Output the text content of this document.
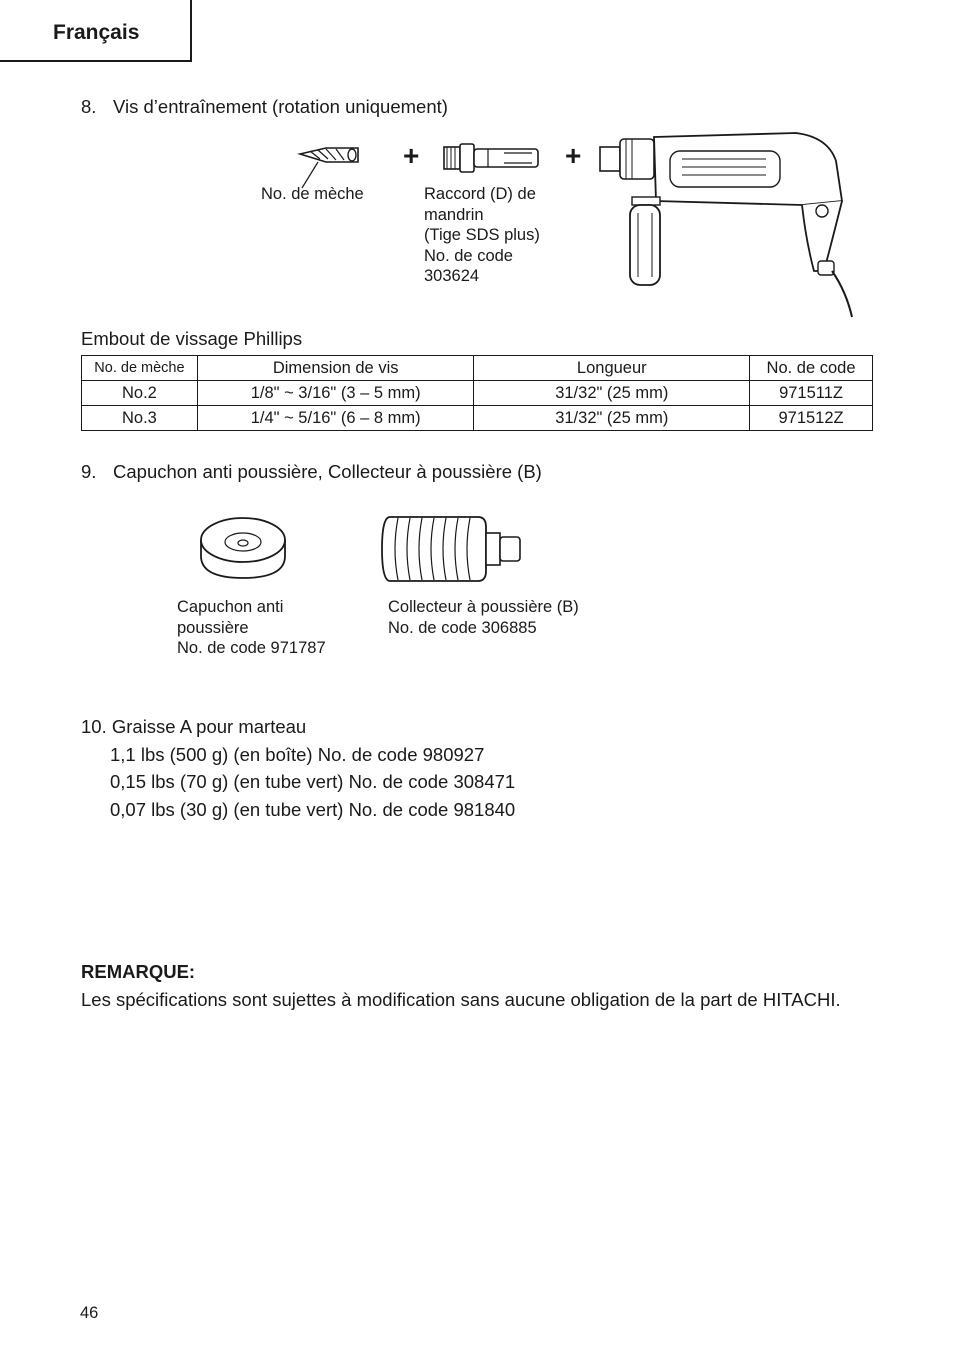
Français
8. Vis d’entraînement (rotation uniquement)
+	+
No. de mèche	Raccord (D) de
mandrin
(Tige SDS plus)
No. de code
303624
Embout de vissage Phillips
No. de mèche	Dimension de vis	Longueur	No. de code
No.2	1/8" ~ 3/16" (3 – 5 mm)	31/32" (25 mm)	971511Z
No.3	1/4" ~ 5/16" (6 – 8 mm)	31/32" (25 mm)	971512Z
9. Capuchon anti poussière, Collecteur à poussière (B)
Capuchon anti
poussière
No. de code 971787
Collecteur à poussière (B)
No. de code 306885
10. Graisse A pour marteau
1,1 lbs (500 g) (en boîte) No. de code 980927
0,15 lbs (70 g) (en tube vert) No. de code 308471
0,07 lbs (30 g) (en tube vert) No. de code 981840
REMARQUE:
Les spécifications sont sujettes à modification sans aucune obligation de la part de HITACHI.
46
